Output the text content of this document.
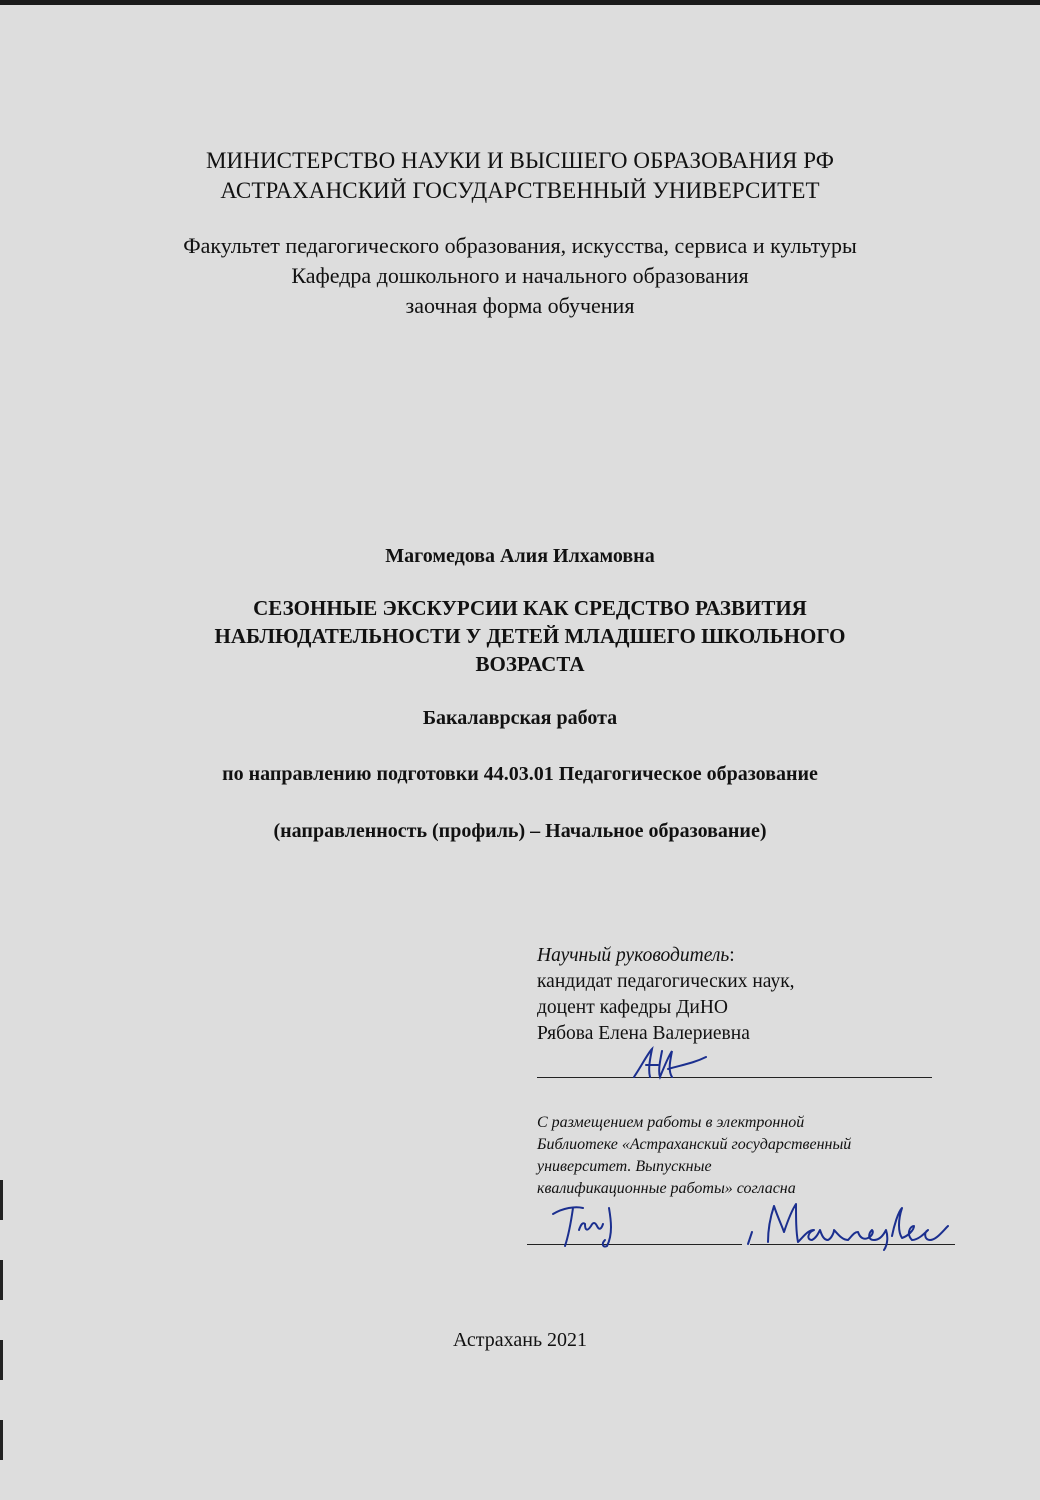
МИНИСТЕРСТВО НАУКИ И ВЫСШЕГО ОБРАЗОВАНИЯ РФ
АСТРАХАНСКИЙ ГОСУДАРСТВЕННЫЙ УНИВЕРСИТЕТ
Факультет педагогического образования, искусства, сервиса и культуры
Кафедра дошкольного и начального образования
заочная форма обучения
Магомедова Алия Илхамовна
СЕЗОННЫЕ ЭКСКУРСИИ КАК СРЕДСТВО РАЗВИТИЯ
НАБЛЮДАТЕЛЬНОСТИ У ДЕТЕЙ МЛАДШЕГО ШКОЛЬНОГО
ВОЗРАСТА
Бакалаврская работа
по направлению подготовки 44.03.01 Педагогическое образование
(направленность (профиль) – Начальное образование)
Научный руководитель:
кандидат педагогических наук,
доцент кафедры ДиНО
Рябова Елена Валериевна
С размещением работы в электронной
Библиотеке «Астраханский государственный
университет. Выпускные
квалификационные работы» согласна
Астрахань 2021
